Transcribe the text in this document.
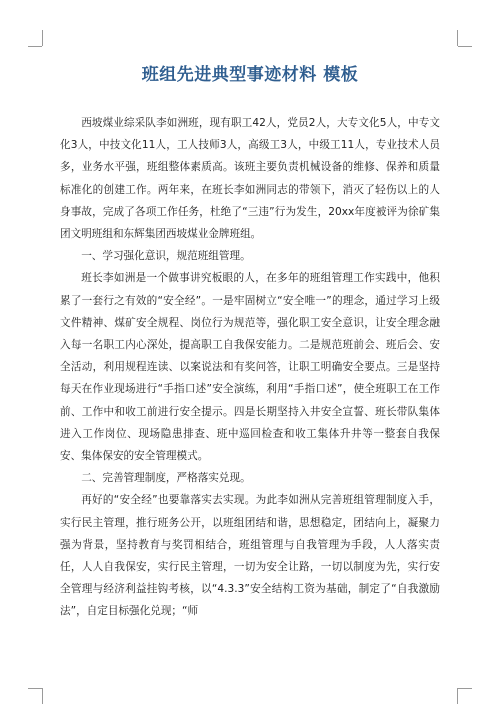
班组先进典型事迹材料 模板

西坡煤业综采队李如洲班，现有职工42人，党员2人，大专文化5人，中专文化3人，中技文化11人，工人技师3人，高级工3人，中级工11人，专业技术人员多，业务水平强，班组整体素质高。该班主要负责机械设备的维修、保养和质量标准化的创建工作。两年来，在班长李如洲同志的带领下，消灭了轻伤以上的人身事故，完成了各项工作任务，杜绝了“三违”行为发生，20xx年度被评为徐矿集团文明班组和东辉集团西坡煤业金牌班组。

一、学习强化意识，规范班组管理。

班长李如洲是一个做事讲究板眼的人，在多年的班组管理工作实践中，他积累了一套行之有效的“安全经”。一是牢固树立“安全唯一”的理念，通过学习上级文件精神、煤矿安全规程、岗位行为规范等，强化职工安全意识，让安全理念融入每一名职工内心深处，提高职工自我保安能力。二是规范班前会、班后会、安全活动，利用规程连读、以案说法和有奖问答，让职工明确安全要点。三是坚持每天在作业现场进行“手指口述”安全演练，利用“手指口述”，使全班职工在工作前、工作中和收工前进行安全提示。四是长期坚持入井安全宣誓、班长带队集体进入工作岗位、现场隐患排查、班中巡回检查和收工集体升井等一整套自我保安、集体保安的安全管理模式。

二、完善管理制度，严格落实兑现。

再好的“安全经”也要靠落实去实现。为此李如洲从完善班组管理制度入手，实行民主管理，推行班务公开，以班组团结和谐，思想稳定，团结向上，凝聚力强为背景，坚持教育与奖罚相结合，班组管理与自我管理为手段，人人落实责任，人人自我保安，实行民主管理，一切为安全让路，一切以制度为先，实行安全管理与经济利益挂钩考核，以“4.3.3”安全结构工资为基础，制定了“自我激励法”，自定目标强化兑现；“师
